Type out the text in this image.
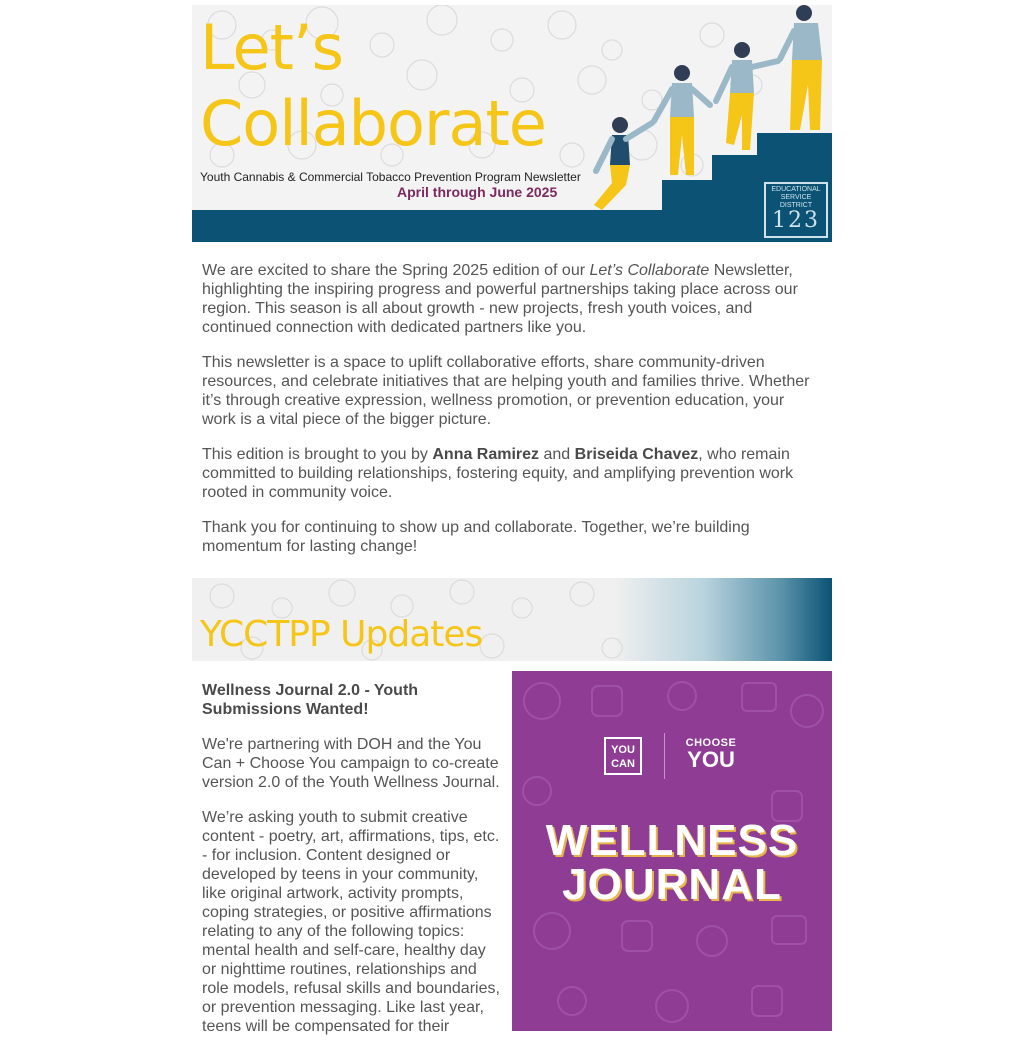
Let’s
Collaborate
Youth Cannabis & Commercial Tobacco Prevention Program Newsletter
April through June 2025	EDUCATIONAL
SERVICE
DISTRICT
123

We are excited to share the Spring 2025 edition of our Let’s Collaborate Newsletter, highlighting the inspiring progress and powerful partnerships taking place across our region. This season is all about growth - new projects, fresh youth voices, and continued connection with dedicated partners like you.

This newsletter is a space to uplift collaborative efforts, share community-driven resources, and celebrate initiatives that are helping youth and families thrive. Whether it’s through creative expression, wellness promotion, or prevention education, your work is a vital piece of the bigger picture.

This edition is brought to you by Anna Ramirez and Briseida Chavez, who remain committed to building relationships, fostering equity, and amplifying prevention work rooted in community voice.

Thank you for continuing to show up and collaborate. Together, we’re building momentum for lasting change!

YCCTPP Updates
Wellness Journal 2.0 - Youth Submissions Wanted!

We're partnering with DOH and the You Can + Choose You campaign to co-create version 2.0 of the Youth Wellness Journal.

We’re asking youth to submit creative content - poetry, art, affirmations, tips, etc. - for inclusion. Content designed or developed by teens in your community, like original artwork, activity prompts, coping strategies, or positive affirmations relating to any of the following topics: mental health and self-care, healthy day or nighttime routines, relationships and role models, refusal skills and boundaries, or prevention messaging. Like last year, teens will be compensated for their

YOU CAN
CHOOSE
YOU
WELLNESS
JOURNAL
